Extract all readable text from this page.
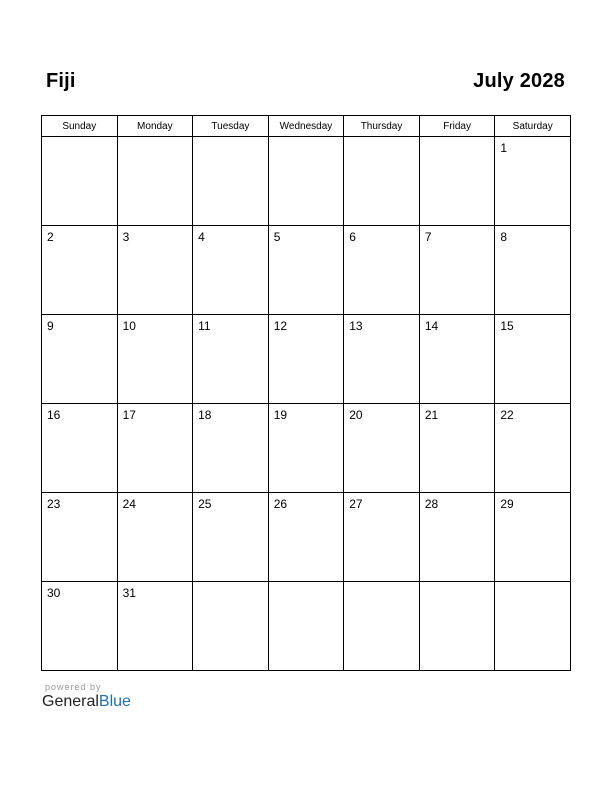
Fiji	July 2028
Sunday	Monday	Tuesday	Wednesday	Thursday	Friday	Saturday

						1

2	3	4	5	6	7	8

9	10	11	12	13	14	15

16	17	18	19	20	21	22

23	24	25	26	27	28	29

30	31					

powered by
GeneralBlue
